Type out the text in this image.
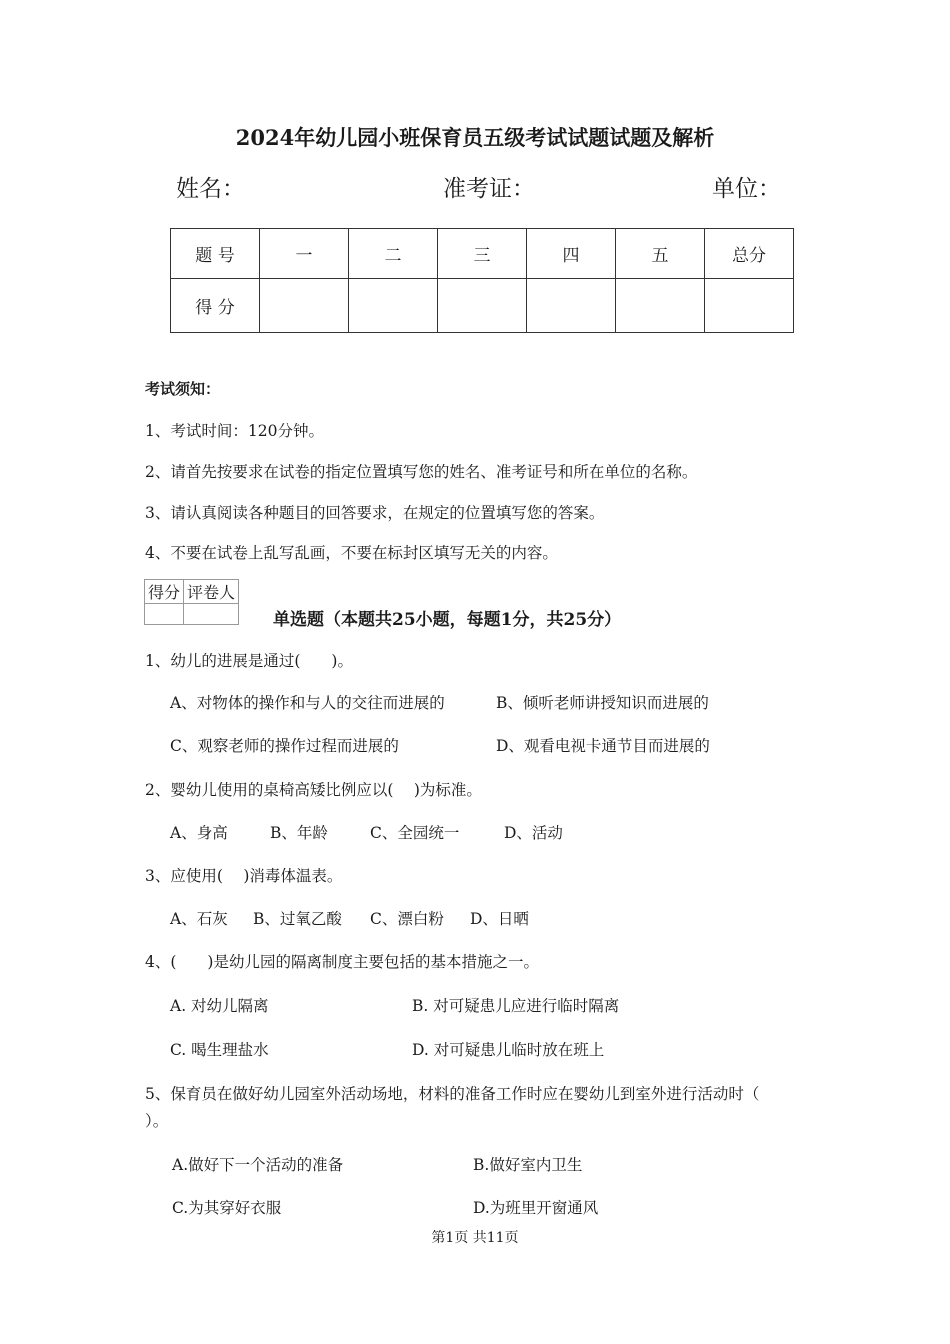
2024年幼儿园小班保育员五级考试试题试题及解析
姓名：	准考证：	单位：
题 号	一	二	三	四	五	总分
得 分						
考试须知：
1、考试时间：120分钟。
2、请首先按要求在试卷的指定位置填写您的姓名、准考证号和所在单位的名称。
3、请认真阅读各种题目的回答要求，在规定的位置填写您的答案。
4、不要在试卷上乱写乱画，不要在标封区填写无关的内容。
得分	评卷人

单选题（本题共25小题，每题1分，共25分）
1、幼儿的进展是通过(　　)。
A、对物体的操作和与人的交往而进展的	B、倾听老师讲授知识而进展的
C、观察老师的操作过程而进展的	D、观看电视卡通节目而进展的
2、婴幼儿使用的桌椅高矮比例应以(　 )为标准。
A、身高	B、年龄	C、全园统一	D、活动
3、应使用(　 )消毒体温表。
A、石灰 B、过氧乙酸 C、漂白粉 D、日晒
4、(　　)是幼儿园的隔离制度主要包括的基本措施之一。
A. 对幼儿隔离	B. 对可疑患儿应进行临时隔离
C. 喝生理盐水	D. 对可疑患儿临时放在班上
5、保育员在做好幼儿园室外活动场地，材料的准备工作时应在婴幼儿到室外进行活动时（
）。
A.做好下一个活动的准备	B.做好室内卫生
C.为其穿好衣服	D.为班里开窗通风
第1页 共11页
